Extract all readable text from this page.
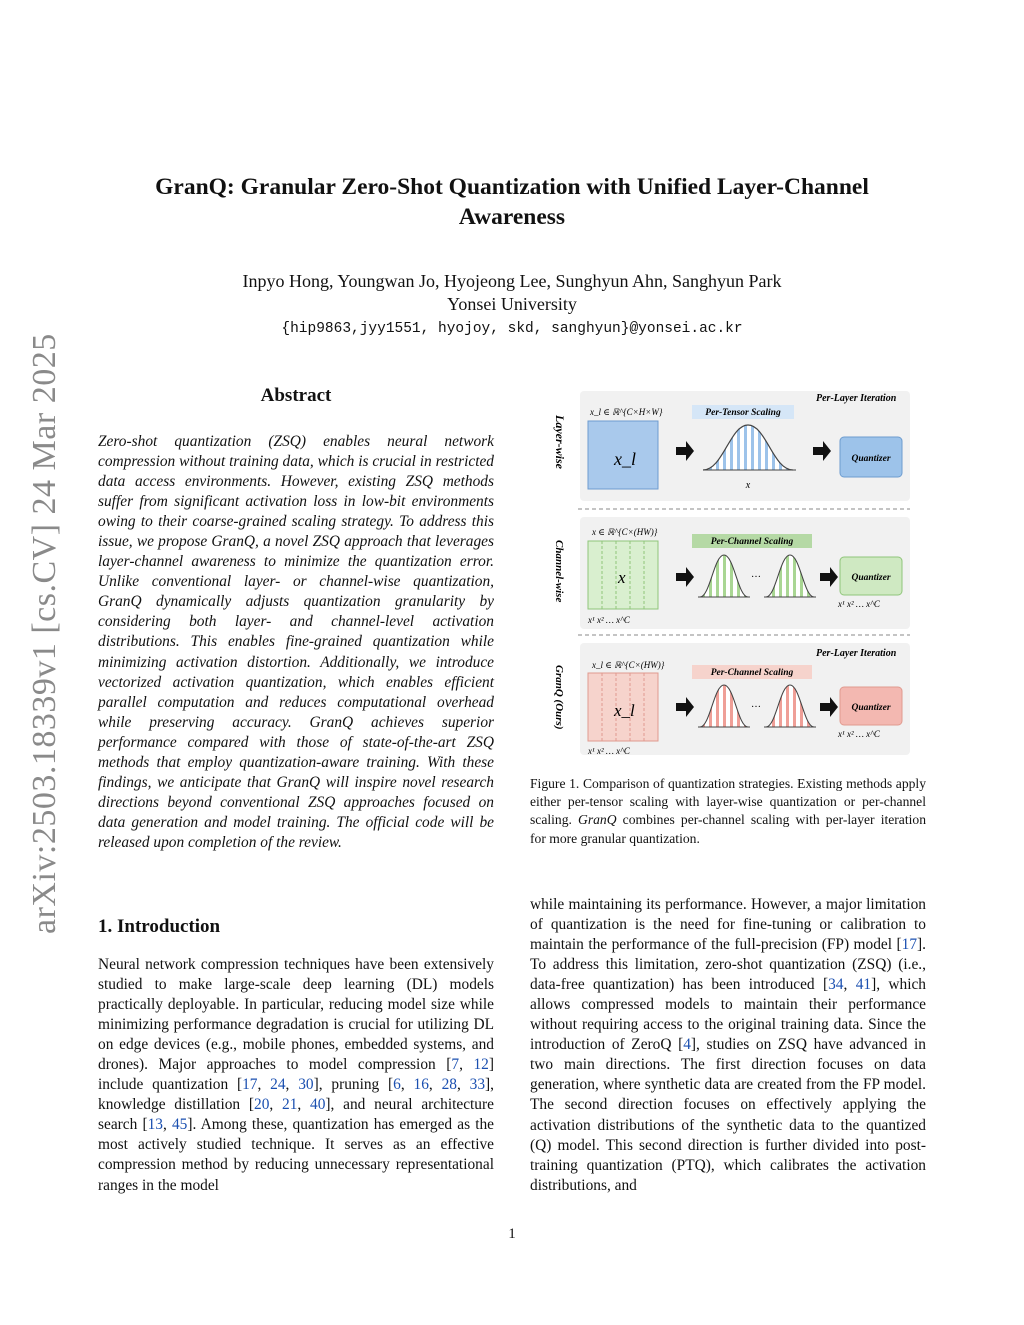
arXiv:2503.18339v1 [cs.CV] 24 Mar 2025
GranQ: Granular Zero-Shot Quantization with Unified Layer-Channel Awareness
Inpyo Hong, Youngwan Jo, Hyojeong Lee, Sunghyun Ahn, Sanghyun Park
Yonsei University
{hip9863,jyy1551, hyojoy, skd, sanghyun}@yonsei.ac.kr
Abstract
Zero-shot quantization (ZSQ) enables neural network compression without training data, which is crucial in restricted data access environments. However, existing ZSQ methods suffer from significant activation loss in low-bit environments owing to their coarse-grained scaling strategy. To address this issue, we propose GranQ, a novel ZSQ approach that leverages layer-channel awareness to minimize the quantization error. Unlike conventional layer- or channel-wise quantization, GranQ dynamically adjusts quantization granularity by considering both layer- and channel-level activation distributions. This enables fine-grained quantization while minimizing activation distortion. Additionally, we introduce vectorized activation quantization, which enables efficient parallel computation and reduces computational overhead while preserving accuracy. GranQ achieves superior performance compared with those of state-of-the-art ZSQ methods that employ quantization-aware training. With these findings, we anticipate that GranQ will inspire novel research directions beyond conventional ZSQ approaches focused on data generation and model training. The official code will be released upon completion of the review.
1. Introduction
Neural network compression techniques have been extensively studied to make large-scale deep learning (DL) models practically deployable. In particular, reducing model size while minimizing performance degradation is crucial for utilizing DL on edge devices (e.g., mobile phones, embedded systems, and drones). Major approaches to model compression [7, 12] include quantization [17, 24, 30], pruning [6, 16, 28, 33], knowledge distillation [20, 21, 40], and neural architecture search [13, 45]. Among these, quantization has emerged as the most actively studied technique. It serves as an effective compression method by reducing unnecessary representational ranges in the model
Per-Layer Iteration
Layer-wise
x_l ∈ ℝ^{C×H×W}
x_l
Per-Tensor Scaling
x
Quantizer
Channel-wise
x ∈ ℝ^{C×(HW)}
x
x¹ x² … x^C
Per-Channel Scaling
…	Quantizer
x¹ x² … x^C
Per-Layer Iteration
GranQ (Ours)	x_l ∈ ℝ^{C×(HW)}
x_l
x¹ x² … x^C
Per-Channel Scaling
…	Quantizer
x¹ x² … x^C
Figure 1. Comparison of quantization strategies. Existing methods apply either per-tensor scaling with layer-wise quantization or per-channel scaling. GranQ combines per-channel scaling with per-layer iteration for more granular quantization.
while maintaining its performance. However, a major limitation of quantization is the need for fine-tuning or calibration to maintain the performance of the full-precision (FP) model [17]. To address this limitation, zero-shot quantization (ZSQ) (i.e., data-free quantization) has been introduced [34, 41], which allows compressed models to maintain their performance without requiring access to the original training data. Since the introduction of ZeroQ [4], studies on ZSQ have advanced in two main directions. The first direction focuses on data generation, where synthetic data are created from the FP model. The second direction focuses on effectively applying the activation distributions of the synthetic data to the quantized (Q) model. This second direction is further divided into post-training quantization (PTQ), which calibrates the activation distributions, and
1
